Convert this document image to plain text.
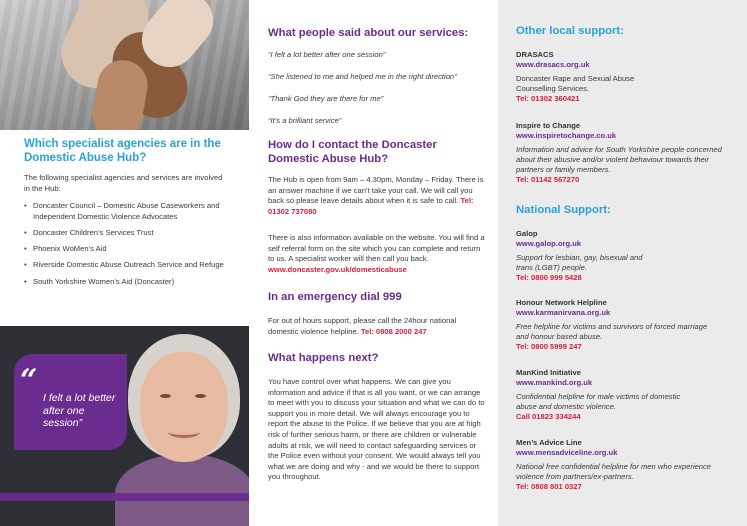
Which specialist agencies are in the Domestic Abuse Hub?
The following specialist agencies and services are involved in the Hub:
• Doncaster Council – Domestic Abuse Caseworkers and Independent Domestic Violence Advocates
• Doncaster Children’s Services Trust
• Phoenix WoMen’s Aid
• Riverside Domestic Abuse Outreach Service and Refuge
• South Yorkshire Women’s Aid (Doncaster)
“ I felt a lot better after one session”
What people said about our services:
“I felt a lot better after one session”
“She listened to me and helped me in the right direction”
“Thank God they are there for me”
“It’s a brilliant service”
How do I contact the Doncaster Domestic Abuse Hub?
The Hub is open from 9am – 4.30pm, Monday – Friday. There is an answer machine if we can’t take your call. We will call you back so please leave details about when it is safe to call. Tel: 01302 737080
There is also information available on the website. You will find a self referral form on the site which you can complete and return to us. A specialist worker will then call you back. www.doncaster.gov.uk/domesticabuse
In an emergency dial 999
For out of hours support, please call the 24hour national domestic violence helpline. Tel: 0808 2000 247
What happens next?
You have control over what happens. We can give you information and advice if that is all you want, or we can arrange to meet with you to discuss your situation and what we can do to support you in more detail. We will always encourage you to report the abuse to the Police. If we believe that you are at high risk of further serious harm, or there are children or vulnerable adults at risk, we will need to contact safeguarding services or the Police even without your consent. We would always tell you what we are doing and why - and we would be there to support you throughout.
Other local support:
DRASACS
www.drasacs.org.uk
Doncaster Rape and Sexual Abuse Counselling Services.
Tel: 01302 360421
Inspire to Change
www.inspiretochange.co.uk
Information and advice for South Yorkshire people concerned about their abusive and/or violent behaviour towards their partners or family members.
Tel: 01142 567270
National Support:
Galop
www.galop.org.uk
Support for lesbian, gay, bisexual and trans (LGBT) people.
Tel: 0800 999 5428
Honour Network Helpline
www.karmanirvana.org.uk
Free helpline for victims and survivors of forced marriage and honour based abuse.
Tel: 0800 5999 247
ManKind Initiative
www.mankind.org.uk
Confidential helpline for male victims of domestic abuse and domestic violence.
Call 01823 334244
Men’s Advice Line
www.mensadviceline.org.uk
National free confidential helpline for men who experience violence from partners/ex-partners.
Tel: 0808 801 0327
